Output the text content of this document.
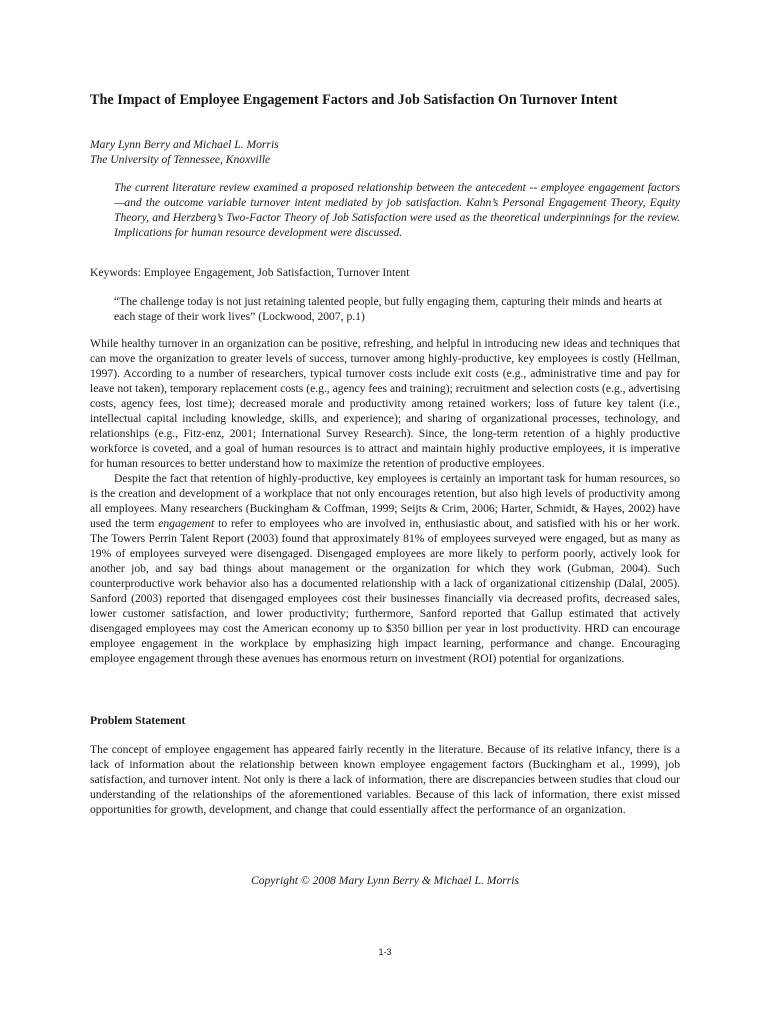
The Impact of Employee Engagement Factors and Job Satisfaction On Turnover Intent
Mary Lynn Berry and Michael L. Morris
The University of Tennessee, Knoxville
The current literature review examined a proposed relationship between the antecedent -- employee engagement factors—and the outcome variable turnover intent mediated by job satisfaction. Kahn’s Personal Engagement Theory, Equity Theory, and Herzberg’s Two-Factor Theory of Job Satisfaction were used as the theoretical underpinnings for the review. Implications for human resource development were discussed.
Keywords: Employee Engagement, Job Satisfaction, Turnover Intent
“The challenge today is not just retaining talented people, but fully engaging them, capturing their minds and hearts at each stage of their work lives” (Lockwood, 2007, p.1)

While healthy turnover in an organization can be positive, refreshing, and helpful in introducing new ideas and techniques that can move the organization to greater levels of success, turnover among highly-productive, key employees is costly (Hellman, 1997). According to a number of researchers, typical turnover costs include exit costs (e.g., administrative time and pay for leave not taken), temporary replacement costs (e.g., agency fees and training); recruitment and selection costs (e.g., advertising costs, agency fees, lost time); decreased morale and productivity among retained workers; loss of future key talent (i.e., intellectual capital including knowledge, skills, and experience); and sharing of organizational processes, technology, and relationships (e.g., Fitz-enz, 2001; International Survey Research). Since, the long-term retention of a highly productive workforce is coveted, and a goal of human resources is to attract and maintain highly productive employees, it is imperative for human resources to better understand how to maximize the retention of productive employees.

Despite the fact that retention of highly-productive, key employees is certainly an important task for human resources, so is the creation and development of a workplace that not only encourages retention, but also high levels of productivity among all employees. Many researchers (Buckingham & Coffman, 1999; Seijts & Crim, 2006; Harter, Schmidt, & Hayes, 2002) have used the term engagement to refer to employees who are involved in, enthusiastic about, and satisfied with his or her work. The Towers Perrin Talent Report (2003) found that approximately 81% of employees surveyed were engaged, but as many as 19% of employees surveyed were disengaged. Disengaged employees are more likely to perform poorly, actively look for another job, and say bad things about management or the organization for which they work (Gubman, 2004). Such counterproductive work behavior also has a documented relationship with a lack of organizational citizenship (Dalal, 2005). Sanford (2003) reported that disengaged employees cost their businesses financially via decreased profits, decreased sales, lower customer satisfaction, and lower productivity; furthermore, Sanford reported that Gallup estimated that actively disengaged employees may cost the American economy up to $350 billion per year in lost productivity. HRD can encourage employee engagement in the workplace by emphasizing high impact learning, performance and change. Encouraging employee engagement through these avenues has enormous return on investment (ROI) potential for organizations.

Problem Statement

The concept of employee engagement has appeared fairly recently in the literature. Because of its relative infancy, there is a lack of information about the relationship between known employee engagement factors (Buckingham et al., 1999), job satisfaction, and turnover intent. Not only is there a lack of information, there are discrepancies between studies that cloud our understanding of the relationships of the aforementioned variables. Because of this lack of information, there exist missed opportunities for growth, development, and change that could essentially affect the performance of an organization.

Copyright © 2008 Mary Lynn Berry & Michael L. Morris
1-3
